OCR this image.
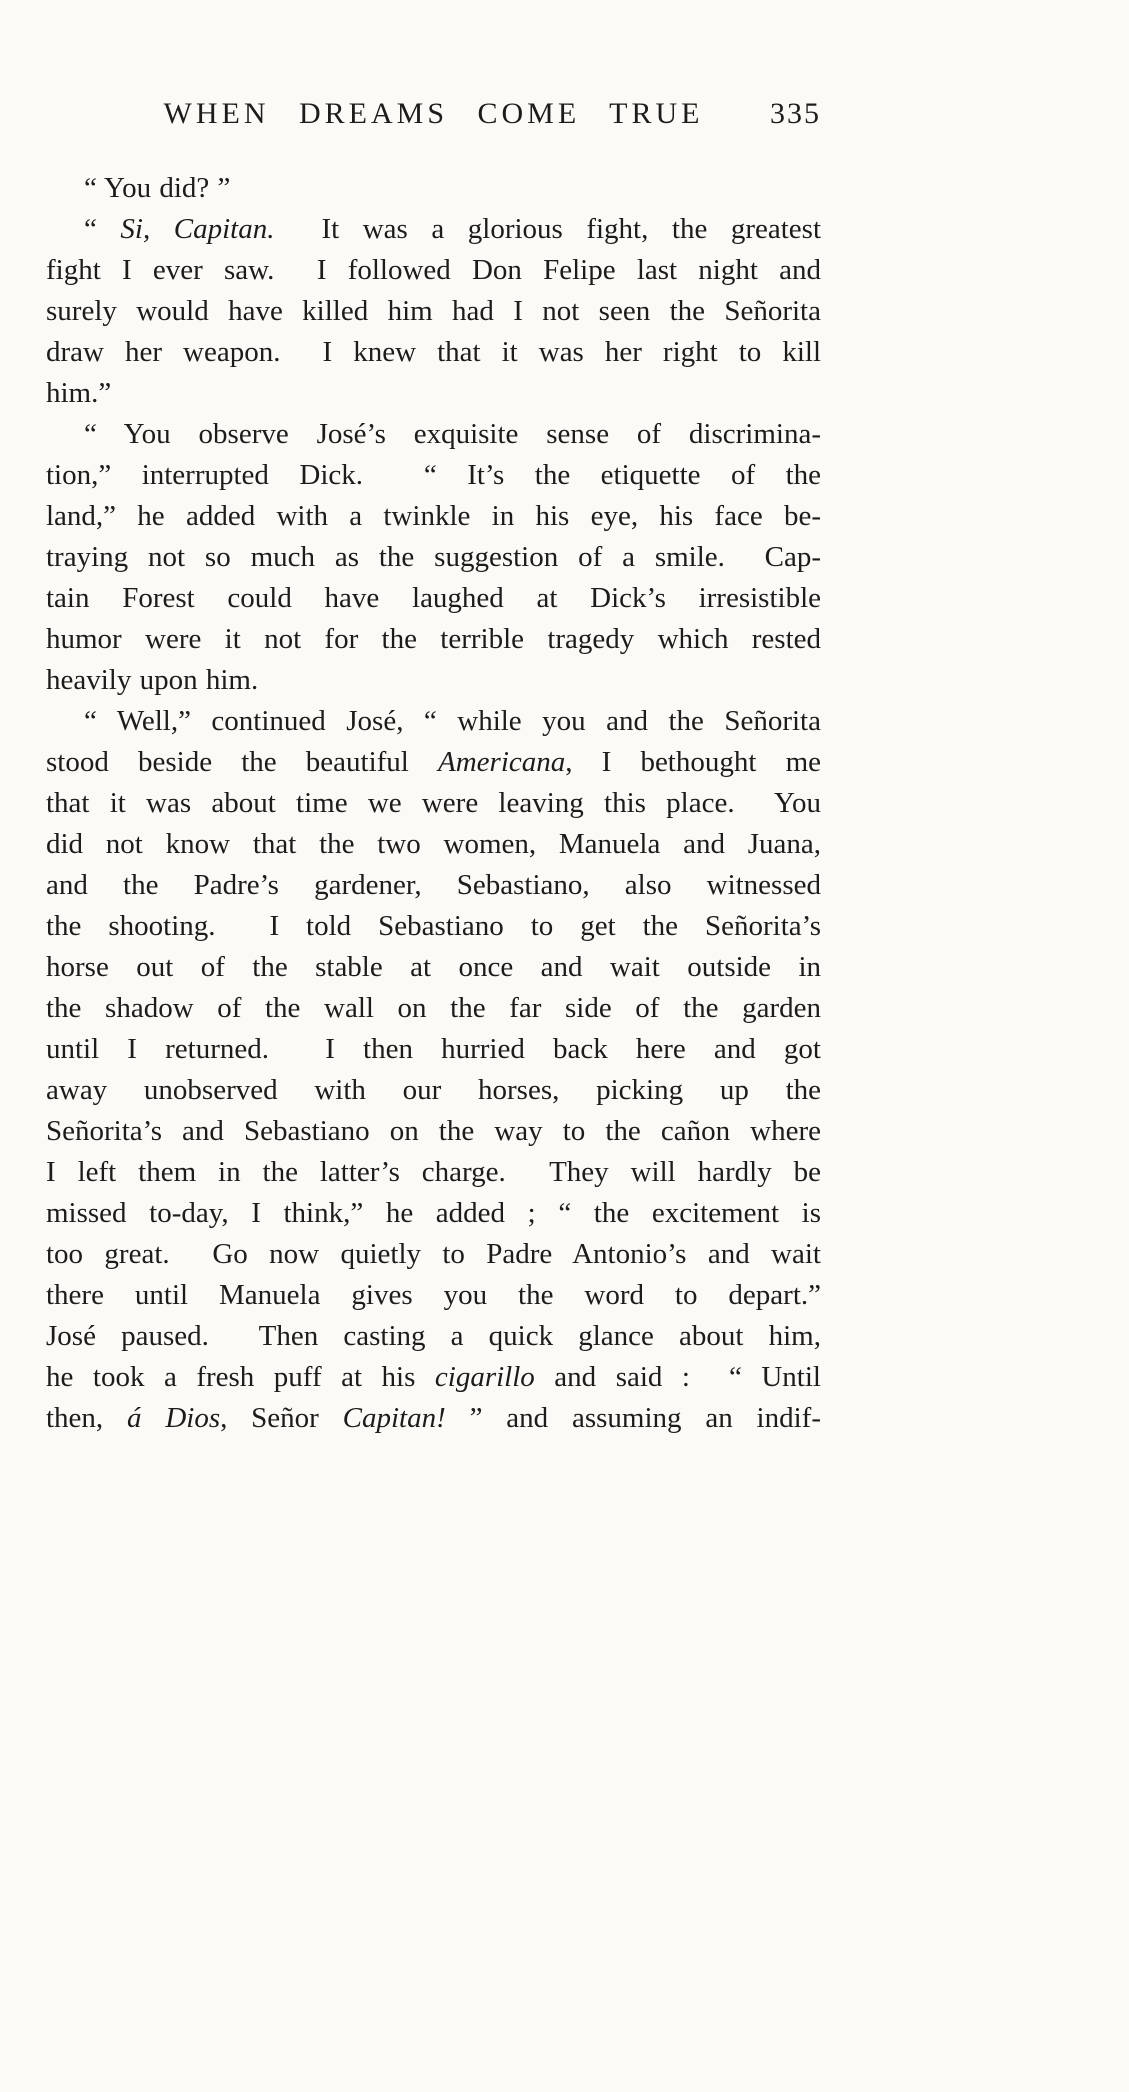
WHEN DREAMS COME TRUE	335
“ You did? ”
“ Si, Capitan.  It was a glorious fight, the greatest
fight I ever saw.  I followed Don Felipe last night and
surely would have killed him had I not seen the Señorita
draw her weapon.  I knew that it was her right to kill
him.”
“ You observe José’s exquisite sense of discrimina-
tion,” interrupted Dick.  “ It’s the etiquette of the
land,” he added with a twinkle in his eye, his face be-
traying not so much as the suggestion of a smile.  Cap-
tain Forest could have laughed at Dick’s irresistible
humor were it not for the terrible tragedy which rested
heavily upon him.
“ Well,” continued José, “ while you and the Señorita
stood beside the beautiful Americana, I bethought me
that it was about time we were leaving this place.  You
did not know that the two women, Manuela and Juana,
and the Padre’s gardener, Sebastiano, also witnessed
the shooting.  I told Sebastiano to get the Señorita’s
horse out of the stable at once and wait outside in
the shadow of the wall on the far side of the garden
until I returned.  I then hurried back here and got
away unobserved with our horses, picking up the
Señorita’s and Sebastiano on the way to the cañon where
I left them in the latter’s charge.  They will hardly be
missed to-day, I think,” he added ; “ the excitement is
too great.  Go now quietly to Padre Antonio’s and wait
there until Manuela gives you the word to depart.”
José paused.  Then casting a quick glance about him,
he took a fresh puff at his cigarillo and said :  “ Until
then, á Dios, Señor Capitan! ” and assuming an indif-
